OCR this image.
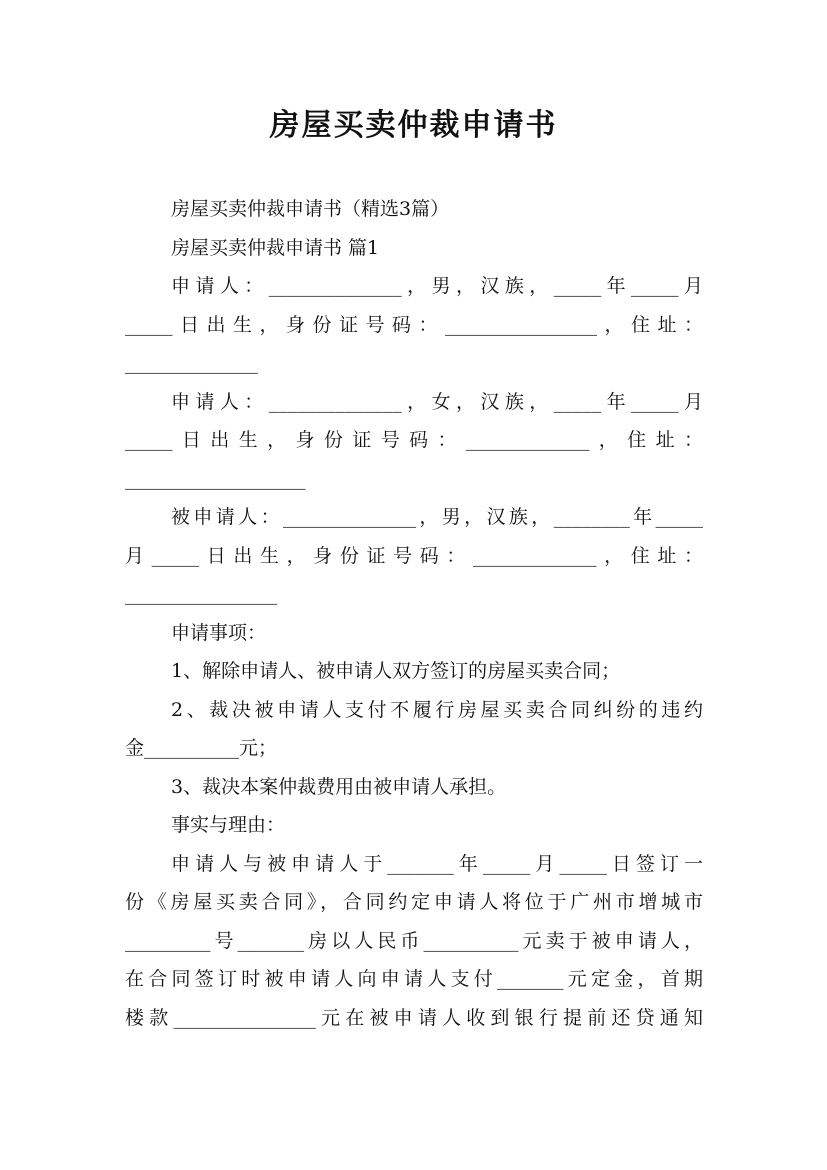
房屋买卖仲裁申请书
房屋买卖仲裁申请书（精选3篇）
房屋买卖仲裁申请书 篇1
申请人：______________，男，汉族，_____年_____月
_____日出生，身份证号码：________________，住址：
______________
申请人：______________，女，汉族，_____年_____月
_____日出生，身份证号码：_____________，住址：
___________________
被申请人：______________，男，汉族，________年_____
月_____日出生，身份证号码：_____________，住址：
________________
申请事项：
1、解除申请人、被申请人双方签订的房屋买卖合同；
2、裁决被申请人支付不履行房屋买卖合同纠纷的违约
金__________元；
3、裁决本案仲裁费用由被申请人承担。
事实与理由：
申请人与被申请人于_______年_____月_____日签订一
份《房屋买卖合同》，合同约定申请人将位于广州市增城市
_________号_______房以人民币__________元卖于被申请人，
在合同签订时被申请人向申请人支付_______元定金，首期
楼款_______________元在被申请人收到银行提前还贷通知
